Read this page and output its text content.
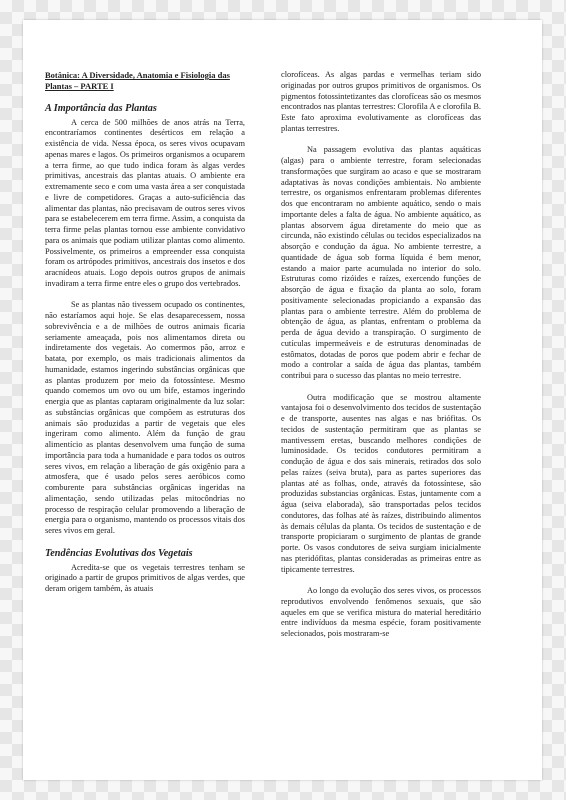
Botânica: A Diversidade, Anatomia e Fisiologia das Plantas – PARTE I
A Importância das Plantas

A cerca de 500 milhões de anos atrás na Terra, encontraríamos continentes desérticos em relação a existência de vida. Nessa época, os seres vivos ocupavam apenas mares e lagos. Os primeiros organismos a ocuparem a terra firme, ao que tudo indica foram às algas verdes primitivas, ancestrais das plantas atuais. O ambiente era extremamente seco e com uma vasta área a ser conquistada e livre de competidores. Graças a auto-suficiência das alimentar das plantas, não precisavam de outros seres vivos para se estabelecerem em terra firme. Assim, a conquista da terra firme pelas plantas tornou esse ambiente convidativo para os animais que podiam utilizar plantas como alimento. Possivelmente, os primeiros a empreender essa conquista foram os artrópodes primitivos, ancestrais dos insetos e dos aracnídeos atuais. Logo depois outros grupos de animais invadiram a terra firme entre eles o grupo dos vertebrados.

Se as plantas não tivessem ocupado os continentes, não estaríamos aqui hoje. Se elas desaparecessem, nossa sobrevivência e a de milhões de outros animais ficaria seriamente ameaçada, pois nos alimentamos direta ou indiretamente dos vegetais. Ao comermos pão, arroz e batata, por exemplo, os mais tradicionais alimentos da humanidade, estamos ingerindo substâncias orgânicas que as plantas produzem por meio da fotossíntese. Mesmo quando comemos um ovo ou um bife, estamos ingerindo energia que as plantas captaram originalmente da luz solar: as substâncias orgânicas que compõem as estruturas dos animais são produzidas a partir de vegetais que eles ingeriram como alimento. Além da função de grau alimentício as plantas desenvolvem uma função de suma importância para toda a humanidade e para todos os outros seres vivos, em relação a liberação de gás oxigênio para a atmosfera, que é usado pelos seres aeróbicos como comburente para substâncias orgânicas ingeridas na alimentação, sendo utilizadas pelas mitocôndrias no processo de respiração celular promovendo a liberação de energia para o organismo, mantendo os processos vitais dos seres vivos em geral.

Tendências Evolutivas dos Vegetais

Acredita-se que os vegetais terrestres tenham se originado a partir de grupos primitivos de algas verdes, que deram origem também, às atuais

clorofíceas. As algas pardas e vermelhas teriam sido originadas por outros grupos primitivos de organismos. Os pigmentos fotossintetizantes das clorofíceas são os mesmos encontrados nas plantas terrestres: Clorofila A e clorofila B. Este fato aproxima evolutivamente as clorofíceas das plantas terrestres.

Na passagem evolutiva das plantas aquáticas (algas) para o ambiente terrestre, foram selecionadas transformações que surgiram ao acaso e que se mostraram adaptativas às novas condições ambientais. No ambiente terrestre, os organismos enfrentaram problemas diferentes dos que encontraram no ambiente aquático, sendo o mais importante deles a falta de água. No ambiente aquático, as plantas absorvem água diretamente do meio que as circunda, não existindo células ou tecidos especializados na absorção e condução da água. No ambiente terrestre, a quantidade de água sob forma líquida é bem menor, estando a maior parte acumulada no interior do solo. Estruturas como rizóides e raízes, exercendo funções de absorção de água e fixação da planta ao solo, foram positivamente selecionadas propiciando a expansão das plantas para o ambiente terrestre. Além do problema de obtenção de água, as plantas, enfrentam o problema da perda de água devido a transpiração. O surgimento de cutículas impermeáveis e de estruturas denominadas de estômatos, dotadas de poros que podem abrir e fechar de modo a controlar a saída de água das plantas, também contribui para o sucesso das plantas no meio terrestre.

Outra modificação que se mostrou altamente vantajosa foi o desenvolvimento dos tecidos de sustentação e de transporte, ausentes nas algas e nas briófitas. Os tecidos de sustentação permitiram que as plantas se mantivessem eretas, buscando melhores condições de luminosidade. Os tecidos condutores permitiram a condução de água e dos sais minerais, retirados dos solo pelas raízes (seiva bruta), para as partes superiores das plantas até as folhas, onde, através da fotossíntese, são produzidas substancias orgânicas. Estas, juntamente com a água (seiva elaborada), são transportadas pelos tecidos condutores, das folhas até às raízes, distribuindo alimentos às demais células da planta. Os tecidos de sustentação e de transporte propiciaram o surgimento de plantas de grande porte. Os vasos condutores de seiva surgiam inicialmente nas pteridófitas, plantas consideradas as primeiras entre as tipicamente terrestres.

Ao longo da evolução dos seres vivos, os processos reprodutivos envolvendo fenômenos sexuais, que são aqueles em que se verifica mistura do material hereditário entre indivíduos da mesma espécie, foram positivamente selecionados, pois mostraram-se
